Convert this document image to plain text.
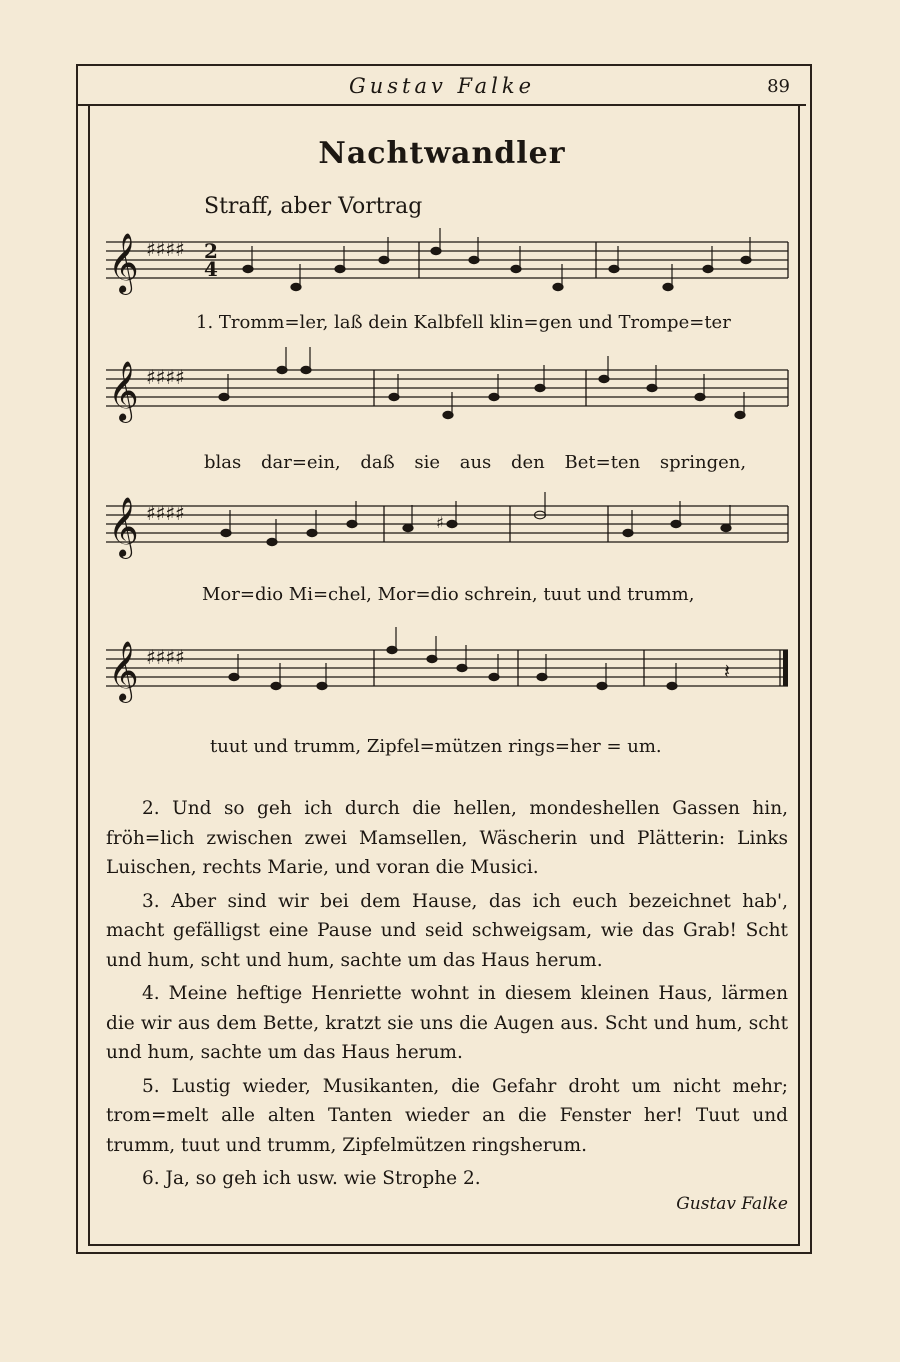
Gustav Falke	89
Nachtwandler
Straff, aber Vortrag
𝄞 ♯♯♯♯ 2
4
1. Tromm=ler, laß dein Kalbfell klin=gen und Trompe=ter
𝄞 ♯♯♯♯
blas dar=ein, daß sie aus den Bet=ten springen,
𝄞 ♯♯♯♯	♯
Mor=dio Mi=chel, Mor=dio schrein, tuut und trumm,
𝄞 ♯♯♯♯
𝄽
tuut und trumm, Zipfel=mützen rings=her = um.

2. Und so geh ich durch die hellen, mondeshellen Gassen hin, fröh=lich zwischen zwei Mamsellen, Wäscherin und Plätterin: Links Luischen, rechts Marie, und voran die Musici.

3. Aber sind wir bei dem Hause, das ich euch bezeichnet hab', macht gefälligst eine Pause und seid schweigsam, wie das Grab! Scht und hum, scht und hum, sachte um das Haus herum.

4. Meine heftige Henriette wohnt in diesem kleinen Haus, lärmen die wir aus dem Bette, kratzt sie uns die Augen aus. Scht und hum, scht und hum, sachte um das Haus herum.

5. Lustig wieder, Musikanten, die Gefahr droht um nicht mehr; trom=melt alle alten Tanten wieder an die Fenster her! Tuut und trumm, tuut und trumm, Zipfelmützen ringsherum.

6. Ja, so geh ich usw. wie Strophe 2.

Gustav Falke
